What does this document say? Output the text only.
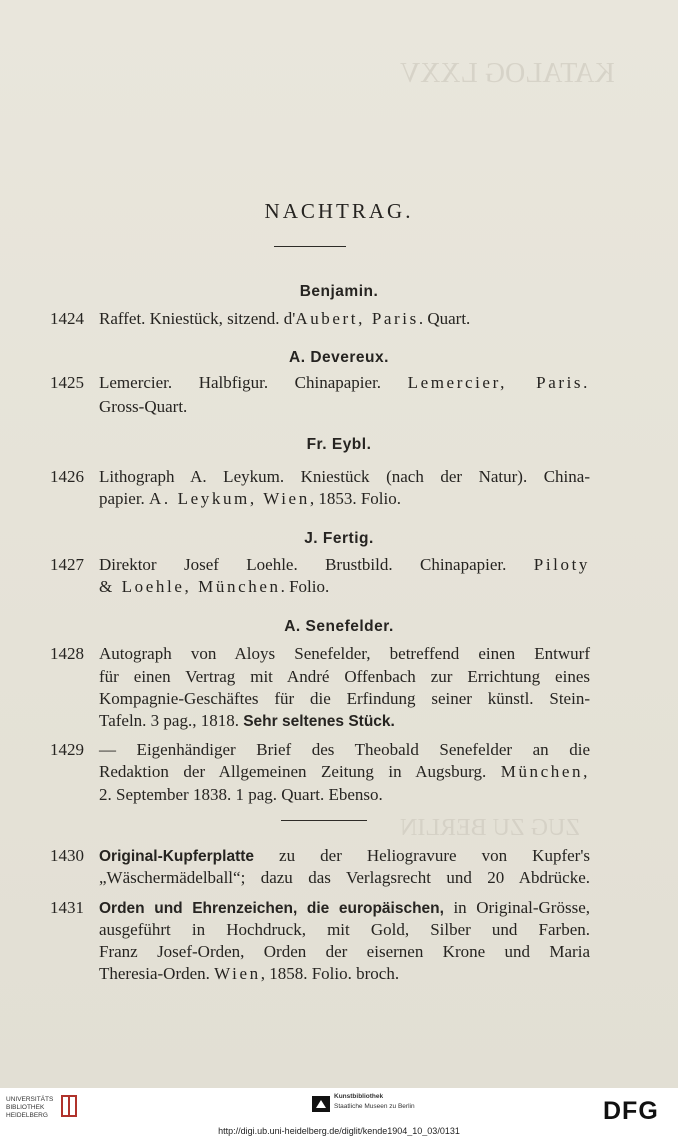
KATALOG LXXV
ZUG ZU BERLIN
NACHTRAG.
Benjamin.
1424 Raffet. Kniestück, sitzend. d'Aubert, Paris. Quart.
A. Devereux.
1425 Lemercier. Halbfigur. Chinapapier. Lemercier, Paris.
Gross-Quart.
Fr. Eybl.
1426 Lithograph A. Leykum. Kniestück (nach der Natur). China-
papier. A. Leykum, Wien, 1853. Folio.
J. Fertig.
1427 Direktor Josef Loehle. Brustbild. Chinapapier. Piloty
& Loehle, München. Folio.
A. Senefelder.
1428 Autograph von Aloys Senefelder, betreffend einen Entwurf
für einen Vertrag mit André Offenbach zur Errichtung eines
Kompagnie-Geschäftes für die Erfindung seiner künstl. Stein-
Tafeln. 3 pag., 1818. Sehr seltenes Stück.
1429 — Eigenhändiger Brief des Theobald Senefelder an die
Redaktion der Allgemeinen Zeitung in Augsburg. München,
2. September 1838. 1 pag. Quart. Ebenso.
1430 Original-Kupferplatte zu der Heliogravure von Kupfer's
„Wäschermädelball“; dazu das Verlagsrecht und 20 Abdrücke.
1431 Orden und Ehrenzeichen, die europäischen, in Original-Grösse,
ausgeführt in Hochdruck, mit Gold, Silber und Farben.
Franz Josef-Orden, Orden der eisernen Krone und Maria
Theresia-Orden. Wien, 1858. Folio. broch.
UNIVERSITÄTS BIBLIOTHEK HEIDELBERG
Kunstbibliothek
Staatliche Museen zu Berlin
http://digi.ub.uni-heidelberg.de/diglit/kende1904_10_03/0131
DFG
